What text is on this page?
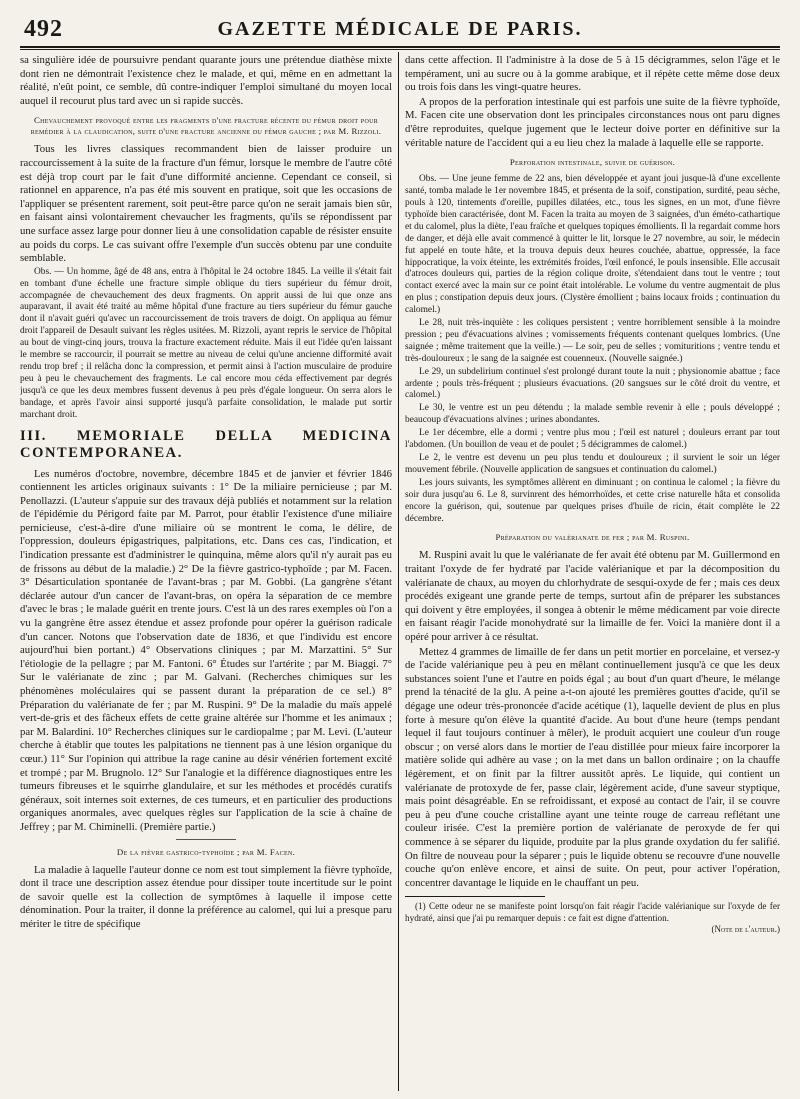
492	GAZETTE MÉDICALE DE PARIS.

sa singulière idée de poursuivre pendant quarante jours une prétendue diathèse mixte dont rien ne démontrait l'existence chez le malade, et qui, même en en admettant la réalité, n'eût point, ce semble, dû contre-indiquer l'emploi simultané du moyen local auquel il recourut plus tard avec un si rapide succès.

Chevauchement provoqué entre les fragments d'une fracture récente du fémur droit pour remédier à la claudication, suite d'une fracture ancienne du fémur gauche ; par M. Rizzoli.

Tous les livres classiques recommandent bien de laisser produire un raccourcissement à la suite de la fracture d'un fémur, lorsque le membre de l'autre côté est déjà trop court par le fait d'une difformité ancienne. Cependant ce conseil, si rationnel en apparence, n'a pas été mis souvent en pratique, soit que les occasions de l'appliquer se présentent rarement, soit peut-être parce qu'on ne serait jamais bien sûr, en faisant ainsi volontairement chevaucher les fragments, qu'ils se répondissent par une surface assez large pour donner lieu à une consolidation capable de résister ensuite au poids du corps. Le cas suivant offre l'exemple d'un succès obtenu par une conduite semblable.

Obs. — Un homme, âgé de 48 ans, entra à l'hôpital le 24 octobre 1845. La veille il s'était fait en tombant d'une échelle une fracture simple oblique du tiers supérieur du fémur droit, accompagnée de chevauchement des deux fragments. On apprit aussi de lui que onze ans auparavant, il avait été traité au même hôpital d'une fracture au tiers supérieur du fémur gauche dont il n'avait guéri qu'avec un raccourcissement de trois travers de doigt. On appliqua au fémur droit l'appareil de Desault suivant les règles usitées. M. Rizzoli, ayant repris le service de l'hôpital au bout de vingt-cinq jours, trouva la fracture exactement réduite. Mais il eut l'idée qu'en laissant le membre se raccourcir, il pourrait se mettre au niveau de celui qu'une ancienne difformité avait rendu trop bref ; il relâcha donc la compression, et permit ainsi à l'action musculaire de produire peu à peu le chevauchement des fragments. Le cal encore mou céda effectivement par degrés jusqu'à ce que les deux membres fussent devenus à peu près d'égale longueur. On serra alors le bandage, et après l'avoir ainsi supporté jusqu'à parfaite consolidation, le malade put sortir marchant droit.

III. MEMORIALE DELLA MEDICINA CONTEMPORANEA.

Les numéros d'octobre, novembre, décembre 1845 et de janvier et février 1846 contiennent les articles originaux suivants : 1° De la miliaire pernicieuse ; par M. Penollazzi. (L'auteur s'appuie sur des travaux déjà publiés et notamment sur la relation de l'épidémie du Périgord faite par M. Parrot, pour établir l'existence d'une miliaire pernicieuse, c'est-à-dire d'une miliaire où se montrent le coma, le délire, de l'oppression, douleurs épigastriques, palpitations, etc. Dans ces cas, l'indication, et l'indication pressante est d'administrer le quinquina, même alors qu'il n'y aurait pas eu de frissons au début de la maladie.) 2° De la fièvre gastrico-typhoïde ; par M. Facen. 3° Désarticulation spontanée de l'avant-bras ; par M. Gobbi. (La gangrène s'étant déclarée autour d'un cancer de l'avant-bras, on opéra la séparation de ce membre d'avec le bras ; le malade guérit en trente jours. C'est là un des rares exemples où l'on a vu la gangrène être assez étendue et assez profonde pour opérer la guérison radicale d'un cancer. Notons que l'observation date de 1836, et que l'individu est encore aujourd'hui bien portant.) 4° Observations cliniques ; par M. Marzattini. 5° Sur l'étiologie de la pellagre ; par M. Fantoni. 6° Études sur l'artérite ; par M. Biaggi. 7° Sur le valérianate de zinc ; par M. Galvani. (Recherches chimiques sur les phénomènes moléculaires qui se passent durant la préparation de ce sel.) 8° Préparation du valérianate de fer ; par M. Ruspini. 9° De la maladie du maïs appelé vert-de-gris et des fâcheux effets de cette graine altérée sur l'homme et les animaux ; par M. Balardini. 10° Recherches cliniques sur le cardiopalme ; par M. Levi. (L'auteur cherche à établir que toutes les palpitations ne tiennent pas à une lésion organique du cœur.) 11° Sur l'opinion qui attribue la rage canine au désir vénérien fortement excité et trompé ; par M. Brugnolo. 12° Sur l'analogie et la différence diagnostiques entre les tumeurs fibreuses et le squirrhe glandulaire, et sur les méthodes et procédés curatifs généraux, soit internes soit externes, de ces tumeurs, et en particulier des productions organiques anormales, avec quelques règles sur l'application de la scie à chaîne de Jeffrey ; par M. Chiminelli. (Première partie.)

De la fièvre gastrico-typhoïde ; par M. Facen.

La maladie à laquelle l'auteur donne ce nom est tout simplement la fièvre typhoïde, dont il trace une description assez étendue pour dissiper toute incertitude sur le point de savoir quelle est la collection de symptômes à laquelle il impose cette dénomination. Pour la traiter, il donne la préférence au calomel, qui lui a presque paru mériter le titre de spécifique

dans cette affection. Il l'administre à la dose de 5 à 15 décigrammes, selon l'âge et le tempérament, uni au sucre ou à la gomme arabique, et il répète cette même dose deux ou trois fois dans les vingt-quatre heures.

A propos de la perforation intestinale qui est parfois une suite de la fièvre typhoïde, M. Facen cite une observation dont les principales circonstances nous ont paru dignes d'être reproduites, quelque jugement que le lecteur doive porter en définitive sur la véritable nature de l'accident qui a eu lieu chez la malade à laquelle elle se rapporte.

Perforation intestinale, suivie de guérison.

Obs. — Une jeune femme de 22 ans, bien développée et ayant joui jusque-là d'une excellente santé, tomba malade le 1er novembre 1845, et présenta de la soif, constipation, surdité, peau sèche, pouls à 120, tintements d'oreille, pupilles dilatées, etc., tous les signes, en un mot, d'une fièvre typhoïde bien caractérisée, dont M. Facen la traita au moyen de 3 saignées, d'un éméto-cathartique et du calomel, plus la diète, l'eau fraîche et quelques topiques émollients. Il la regardait comme hors de danger, et déjà elle avait commencé à quitter le lit, lorsque le 27 novembre, au soir, le médecin fut appelé en toute hâte, et la trouva depuis deux heures couchée, abattue, oppressée, la face hippocratique, la voix éteinte, les extrémités froides, l'œil enfoncé, le pouls insensible. Elle accusait d'atroces douleurs qui, parties de la région colique droite, s'étendaient dans tout le ventre ; tout contact exercé avec la main sur ce point était intolérable. Le volume du ventre augmentait de plus en plus ; constipation depuis deux jours. (Clystère émollient ; bains locaux froids ; continuation du calomel.)

Le 28, nuit très-inquiète : les coliques persistent ; ventre horriblement sensible à la moindre pression ; peu d'évacuations alvines ; vomissements fréquents contenant quelques lombrics. (Une saignée ; même traitement que la veille.) — Le soir, peu de selles ; vomituritions ; ventre tendu et très-douloureux ; le sang de la saignée est couenneux. (Nouvelle saignée.)

Le 29, un subdelirium continuel s'est prolongé durant toute la nuit ; physionomie abattue ; face ardente ; pouls très-fréquent ; plusieurs évacuations. (20 sangsues sur le côté droit du ventre, et calomel.)

Le 30, le ventre est un peu détendu ; la malade semble revenir à elle ; pouls développé ; beaucoup d'évacuations alvines ; urines abondantes.

Le 1er décembre, elle a dormi ; ventre plus mou ; l'œil est naturel ; douleurs errant par tout l'abdomen. (Un bouillon de veau et de poulet ; 5 décigrammes de calomel.)

Le 2, le ventre est devenu un peu plus tendu et douloureux ; il survient le soir un léger mouvement fébrile. (Nouvelle application de sangsues et continuation du calomel.)

Les jours suivants, les symptômes allèrent en diminuant ; on continua le calomel ; la fièvre du soir dura jusqu'au 6. Le 8, survinrent des hémorrhoïdes, et cette crise naturelle hâta et consolida encore la guérison, qui, soutenue par quelques prises d'huile de ricin, était complète le 22 décembre.

Préparation du valérianate de fer ; par M. Ruspini.

M. Ruspini avait lu que le valérianate de fer avait été obtenu par M. Guillermond en traitant l'oxyde de fer hydraté par l'acide valérianique et par la décomposition du valérianate de chaux, au moyen du chlorhydrate de sesqui-oxyde de fer ; mais ces deux procédés exigeant une grande perte de temps, surtout afin de préparer les substances qui doivent y être employées, il songea à obtenir le même médicament par voie directe en faisant réagir l'acide monohydraté sur la limaille de fer. Voici la manière dont il a opéré pour arriver à ce résultat.

Mettez 4 grammes de limaille de fer dans un petit mortier en porcelaine, et versez-y de l'acide valérianique peu à peu en mêlant continuellement jusqu'à ce que les deux substances soient l'une et l'autre en poids égal ; au bout d'un quart d'heure, le mélange prend la ténacité de la glu. A peine a-t-on ajouté les premières gouttes d'acide, qu'il se dégage une odeur très-prononcée d'acide acétique (1), laquelle devient de plus en plus forte à mesure qu'on élève la quantité d'acide. Au bout d'une heure (temps pendant lequel il faut toujours continuer à mêler), le produit acquiert une couleur d'un rouge obscur ; on versé alors dans le mortier de l'eau distillée pour mieux faire incorporer la matière solide qui adhère au vase ; on la met dans un ballon ordinaire ; on la chauffe légèrement, et on finit par la filtrer aussitôt après. Le liquide, qui contient un valérianate de protoxyde de fer, passe clair, légèrement acide, d'une saveur styptique, mais point désagréable. En se refroidissant, et exposé au contact de l'air, il se couvre peu à peu d'une couche cristalline ayant une teinte rouge de carreau reflétant une couleur irisée. C'est la première portion de valérianate de peroxyde de fer qui commence à se séparer du liquide, produite par la plus grande oxydation du fer salifié. On filtre de nouveau pour la séparer ; puis le liquide obtenu se recouvre d'une nouvelle couche qu'on enlève encore, et ainsi de suite. On peut, pour activer l'opération, concentrer davantage le liquide en le chauffant un peu.

(1) Cette odeur ne se manifeste point lorsqu'on fait réagir l'acide valérianique sur l'oxyde de fer hydraté, ainsi que j'ai pu remarquer depuis : ce fait est digne d'attention.
(Note de l'auteur.)
